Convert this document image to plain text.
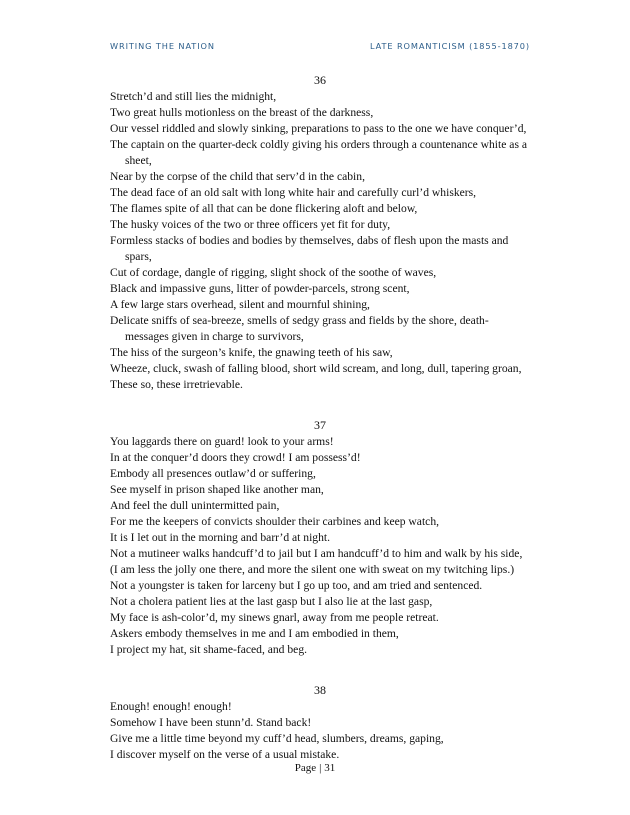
WRITING THE NATION	LATE ROMANTICISM (1855-1870)
36
Stretch’d and still lies the midnight,
Two great hulls motionless on the breast of the darkness,
Our vessel riddled and slowly sinking, preparations to pass to the one we have conquer’d,
The captain on the quarter-deck coldly giving his orders through a countenance white as a sheet,
Near by the corpse of the child that serv’d in the cabin,
The dead face of an old salt with long white hair and carefully curl’d whiskers,
The flames spite of all that can be done flickering aloft and below,
The husky voices of the two or three officers yet fit for duty,
Formless stacks of bodies and bodies by themselves, dabs of flesh upon the masts and spars,
Cut of cordage, dangle of rigging, slight shock of the soothe of waves,
Black and impassive guns, litter of powder-parcels, strong scent,
A few large stars overhead, silent and mournful shining,
Delicate sniffs of sea-breeze, smells of sedgy grass and fields by the shore, death-messages given in charge to survivors,
The hiss of the surgeon’s knife, the gnawing teeth of his saw,
Wheeze, cluck, swash of falling blood, short wild scream, and long, dull, tapering groan,
These so, these irretrievable.
37
You laggards there on guard! look to your arms!
In at the conquer’d doors they crowd! I am possess’d!
Embody all presences outlaw’d or suffering,
See myself in prison shaped like another man,
And feel the dull unintermitted pain,
For me the keepers of convicts shoulder their carbines and keep watch,
It is I let out in the morning and barr’d at night.
Not a mutineer walks handcuff’d to jail but I am handcuff’d to him and walk by his side,
(I am less the jolly one there, and more the silent one with sweat on my twitching lips.)
Not a youngster is taken for larceny but I go up too, and am tried and sentenced.
Not a cholera patient lies at the last gasp but I also lie at the last gasp,
My face is ash-color’d, my sinews gnarl, away from me people retreat.
Askers embody themselves in me and I am embodied in them,
I project my hat, sit shame-faced, and beg.
38
Enough! enough! enough!
Somehow I have been stunn’d. Stand back!
Give me a little time beyond my cuff’d head, slumbers, dreams, gaping,
I discover myself on the verse of a usual mistake.
Page | 31
